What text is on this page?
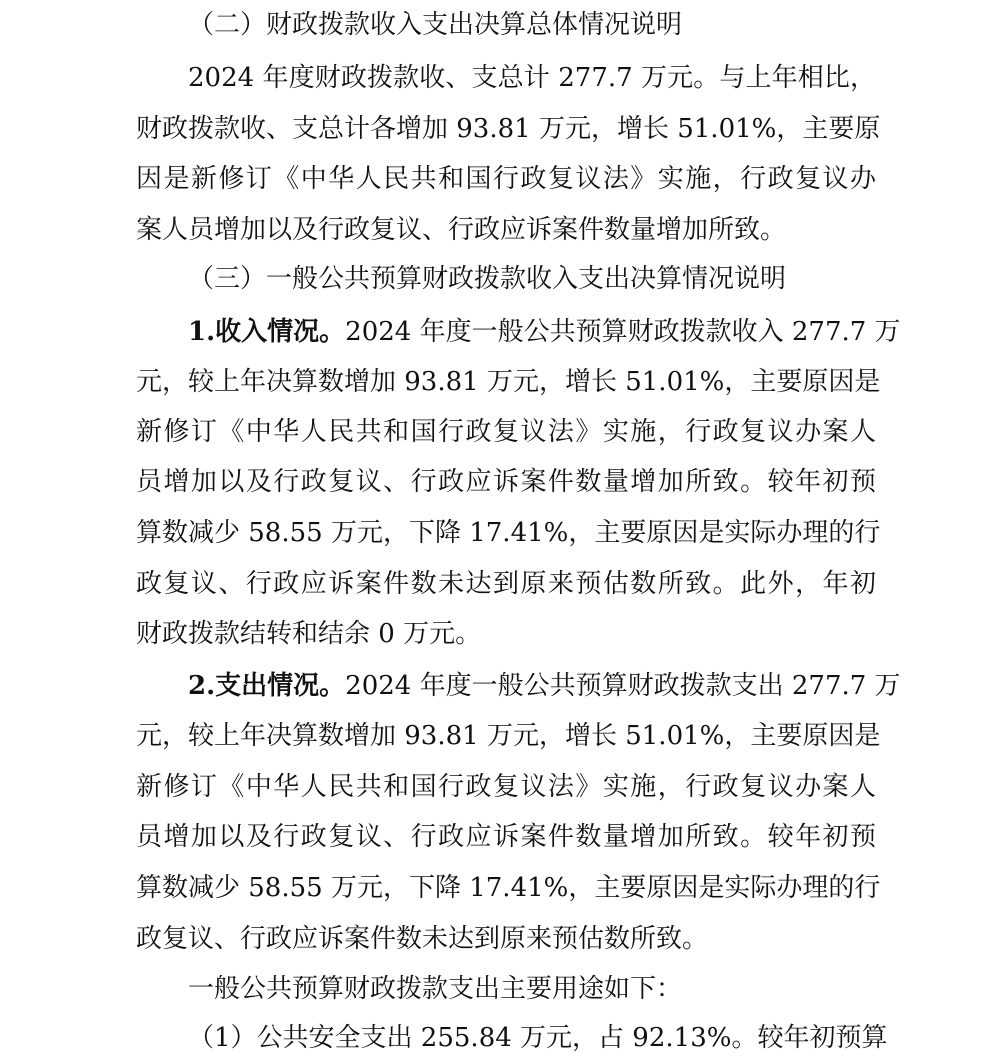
（二）财政拨款收入支出决算总体情况说明
2024 年度财政拨款收、支总计 277.7 万元。与上年相比，
财政拨款收、支总计各增加 93.81 万元，增长 51.01%，主要原
因是新修订《中华人民共和国行政复议法》实施，行政复议办
案人员增加以及行政复议、行政应诉案件数量增加所致。
（三）一般公共预算财政拨款收入支出决算情况说明
1.收入情况。2024 年度一般公共预算财政拨款收入 277.7 万
元，较上年决算数增加 93.81 万元，增长 51.01%，主要原因是
新修订《中华人民共和国行政复议法》实施，行政复议办案人
员增加以及行政复议、行政应诉案件数量增加所致。较年初预
算数减少 58.55 万元，下降 17.41%，主要原因是实际办理的行
政复议、行政应诉案件数未达到原来预估数所致。此外，年初
财政拨款结转和结余 0 万元。
2.支出情况。2024 年度一般公共预算财政拨款支出 277.7 万
元，较上年决算数增加 93.81 万元，增长 51.01%，主要原因是
新修订《中华人民共和国行政复议法》实施，行政复议办案人
员增加以及行政复议、行政应诉案件数量增加所致。较年初预
算数减少 58.55 万元，下降 17.41%，主要原因是实际办理的行
政复议、行政应诉案件数未达到原来预估数所致。
一般公共预算财政拨款支出主要用途如下：
（1）公共安全支出 255.84 万元，占 92.13%。较年初预算
